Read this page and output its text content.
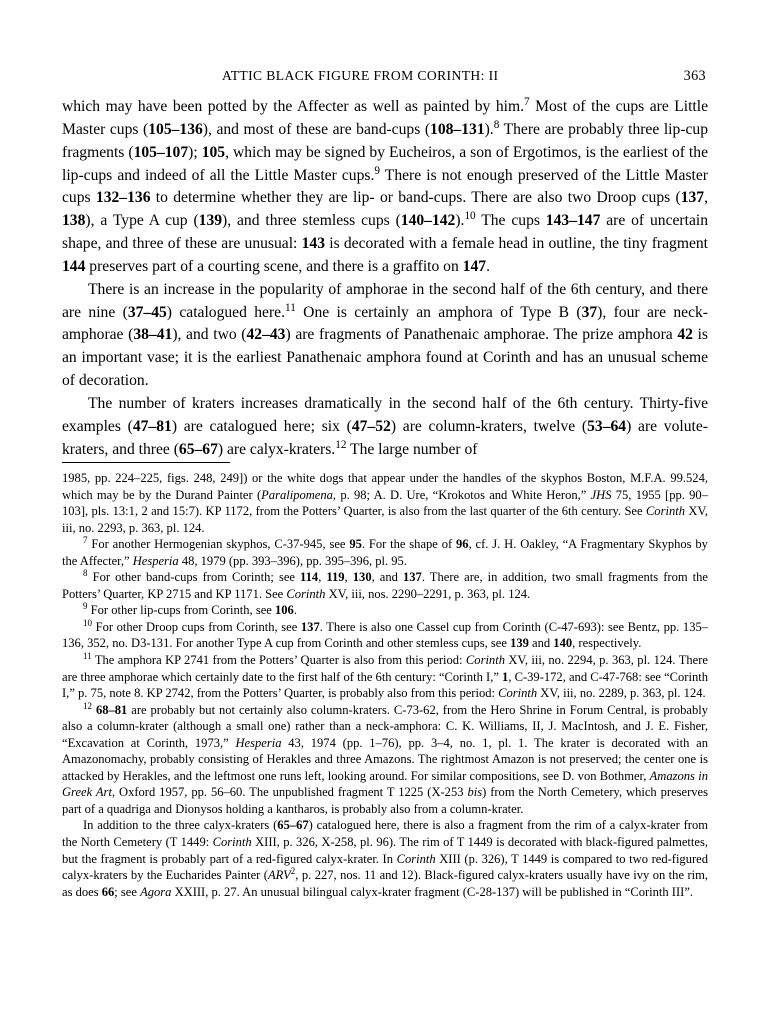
ATTIC BLACK FIGURE FROM CORINTH: II	363

which may have been potted by the Affecter as well as painted by him.$^7$ Most of the cups are Little Master cups (105–136), and most of these are band-cups (108–131).$^8$ There are probably three lip-cup fragments (105–107); 105, which may be signed by Eucheiros, a son of Ergotimos, is the earliest of the lip-cups and indeed of all the Little Master cups.$^9$ There is not enough preserved of the Little Master cups 132–136 to determine whether they are lip- or band-cups. There are also two Droop cups (137, 138), a Type A cup (139), and three stemless cups (140–142).$^{10}$ The cups 143–147 are of uncertain shape, and three of these are unusual: 143 is decorated with a female head in outline, the tiny fragment 144 preserves part of a courting scene, and there is a graffito on 147.

There is an increase in the popularity of amphorae in the second half of the 6th century, and there are nine (37–45) catalogued here.$^{11}$ One is certainly an amphora of Type B (37), four are neck-amphorae (38–41), and two (42–43) are fragments of Panathenaic amphorae. The prize amphora 42 is an important vase; it is the earliest Panathenaic amphora found at Corinth and has an unusual scheme of decoration.

The number of kraters increases dramatically in the second half of the 6th century. Thirty-five examples (47–81) are catalogued here; six (47–52) are column-kraters, twelve (53–64) are volute-kraters, and three (65–67) are calyx-kraters.$^{12}$ The large number of

1985, pp. 224–225, figs. 248, 249]) or the white dogs that appear under the handles of the skyphos Boston, M.F.A. 99.524, which may be by the Durand Painter (Paralipomena, p. 98; A. D. Ure, “Krokotos and White Heron,” JHS 75, 1955 [pp. 90–103], pls. 13:1, 2 and 15:7). KP 1172, from the Potters’ Quarter, is also from the last quarter of the 6th century. See Corinth XV, iii, no. 2293, p. 363, pl. 124.

$^7$ For another Hermogenian skyphos, C-37-945, see 95. For the shape of 96, cf. J. H. Oakley, “A Fragmentary Skyphos by the Affecter,” Hesperia 48, 1979 (pp. 393–396), pp. 395–396, pl. 95.

$^8$ For other band-cups from Corinth; see 114, 119, 130, and 137. There are, in addition, two small fragments from the Potters’ Quarter, KP 2715 and KP 1171. See Corinth XV, iii, nos. 2290–2291, p. 363, pl. 124.

$^9$ For other lip-cups from Corinth, see 106.

$^{10}$ For other Droop cups from Corinth, see 137. There is also one Cassel cup from Corinth (C-47-693): see Bentz, pp. 135–136, 352, no. D3-131. For another Type A cup from Corinth and other stemless cups, see 139 and 140, respectively.

$^{11}$ The amphora KP 2741 from the Potters’ Quarter is also from this period: Corinth XV, iii, no. 2294, p. 363, pl. 124. There are three amphorae which certainly date to the first half of the 6th century: “Corinth I,” 1, C-39-172, and C-47-768: see “Corinth I,” p. 75, note 8. KP 2742, from the Potters’ Quarter, is probably also from this period: Corinth XV, iii, no. 2289, p. 363, pl. 124.

$^{12}$ 68–81 are probably but not certainly also column-kraters. C-73-62, from the Hero Shrine in Forum Central, is probably also a column-krater (although a small one) rather than a neck-amphora: C. K. Williams, II, J. MacIntosh, and J. E. Fisher, “Excavation at Corinth, 1973,” Hesperia 43, 1974 (pp. 1–76), pp. 3–4, no. 1, pl. 1. The krater is decorated with an Amazonomachy, probably consisting of Herakles and three Amazons. The rightmost Amazon is not preserved; the center one is attacked by Herakles, and the leftmost one runs left, looking around. For similar compositions, see D. von Bothmer, Amazons in Greek Art, Oxford 1957, pp. 56–60. The unpublished fragment T 1225 (X-253 bis) from the North Cemetery, which preserves part of a quadriga and Dionysos holding a kantharos, is probably also from a column-krater.

In addition to the three calyx-kraters (65–67) catalogued here, there is also a fragment from the rim of a calyx-krater from the North Cemetery (T 1449: Corinth XIII, p. 326, X-258, pl. 96). The rim of T 1449 is decorated with black-figured palmettes, but the fragment is probably part of a red-figured calyx-krater. In Corinth XIII (p. 326), T 1449 is compared to two red-figured calyx-kraters by the Eucharides Painter (ARV$^2$, p. 227, nos. 11 and 12). Black-figured calyx-kraters usually have ivy on the rim, as does 66; see Agora XXIII, p. 27. An unusual bilingual calyx-krater fragment (C-28-137) will be published in “Corinth III”.
